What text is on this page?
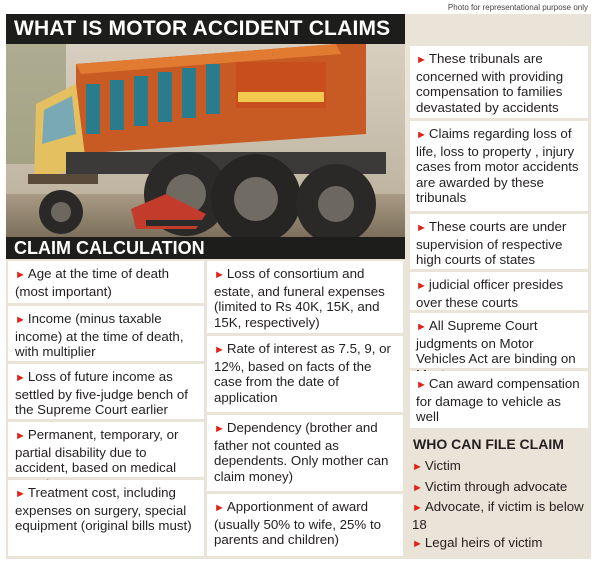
Photo for representational purpose only
WHAT IS MOTOR ACCIDENT CLAIMS
CLAIM CALCULATION
► Age at the time of death (most important)
► Income (minus taxable income) at the time of death, with multiplier
► Loss of future income as settled by five-judge bench of the Supreme Court earlier
► Permanent, temporary, or partial disability due to accident, based on medical
► Treatment cost, including expenses on surgery, special equipment (original bills must)
► Loss of consortium and estate, and funeral expenses (limited to Rs 40K, 15K, and 15K, respectively)
► Rate of interest as 7.5, 9, or 12%, based on facts of the case from the date of application
► Dependency (brother and father not counted as dependents. Only mother can claim money)
► Apportionment of award (usually 50% to wife, 25% to parents and children)
► These tribunals are concerned with providing compensation to families devastated by accidents
► Claims regarding loss of life, loss to property , injury cases from motor accidents are awarded by these tribunals
► These courts are under supervision of respective high courts of states
► judicial officer presides over these courts
► All Supreme Court judgments on Motor Vehicles Act are binding on
► Can award compensation for damage to vehicle as well
WHO CAN FILE CLAIM
► Victim
► Victim through advocate
► Advocate, if victim is below 18
► Legal heirs of victim
